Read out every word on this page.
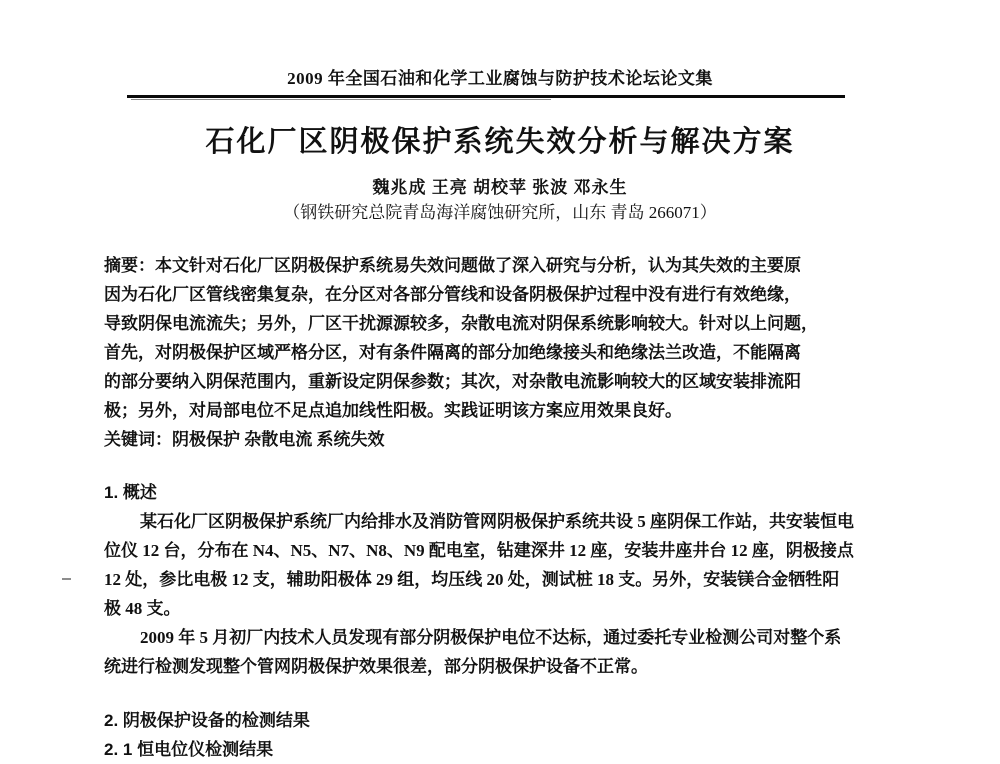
2009 年全国石油和化学工业腐蚀与防护技术论坛论文集
石化厂区阴极保护系统失效分析与解决方案
魏兆成 王亮 胡校苹 张波 邓永生
（钢铁研究总院青岛海洋腐蚀研究所，山东 青岛 266071）
摘要：本文针对石化厂区阴极保护系统易失效问题做了深入研究与分析，认为其失效的主要原
因为石化厂区管线密集复杂，在分区对各部分管线和设备阴极保护过程中没有进行有效绝缘，
导致阴保电流流失；另外，厂区干扰源源较多，杂散电流对阴保系统影响较大。针对以上问题，
首先，对阴极保护区域严格分区，对有条件隔离的部分加绝缘接头和绝缘法兰改造，不能隔离
的部分要纳入阴保范围内，重新设定阴保参数；其次，对杂散电流影响较大的区域安装排流阳
极；另外，对局部电位不足点追加线性阳极。实践证明该方案应用效果良好。
关键词：阴极保护 杂散电流 系统失效
1. 概述
某石化厂区阴极保护系统厂内给排水及消防管网阴极保护系统共设 5 座阴保工作站，共安装恒电
位仪 12 台，分布在 N4、N5、N7、N8、N9 配电室，钻建深井 12 座，安装井座井台 12 座，阴极接点
12 处，参比电极 12 支，辅助阳极体 29 组，均压线 20 处，测试桩 18 支。另外，安装镁合金牺牲阳
极 48 支。
2009 年 5 月初厂内技术人员发现有部分阴极保护电位不达标，通过委托专业检测公司对整个系
统进行检测发现整个管网阴极保护效果很差，部分阴极保护设备不正常。
2. 阴极保护设备的检测结果
2. 1 恒电位仪检测结果
